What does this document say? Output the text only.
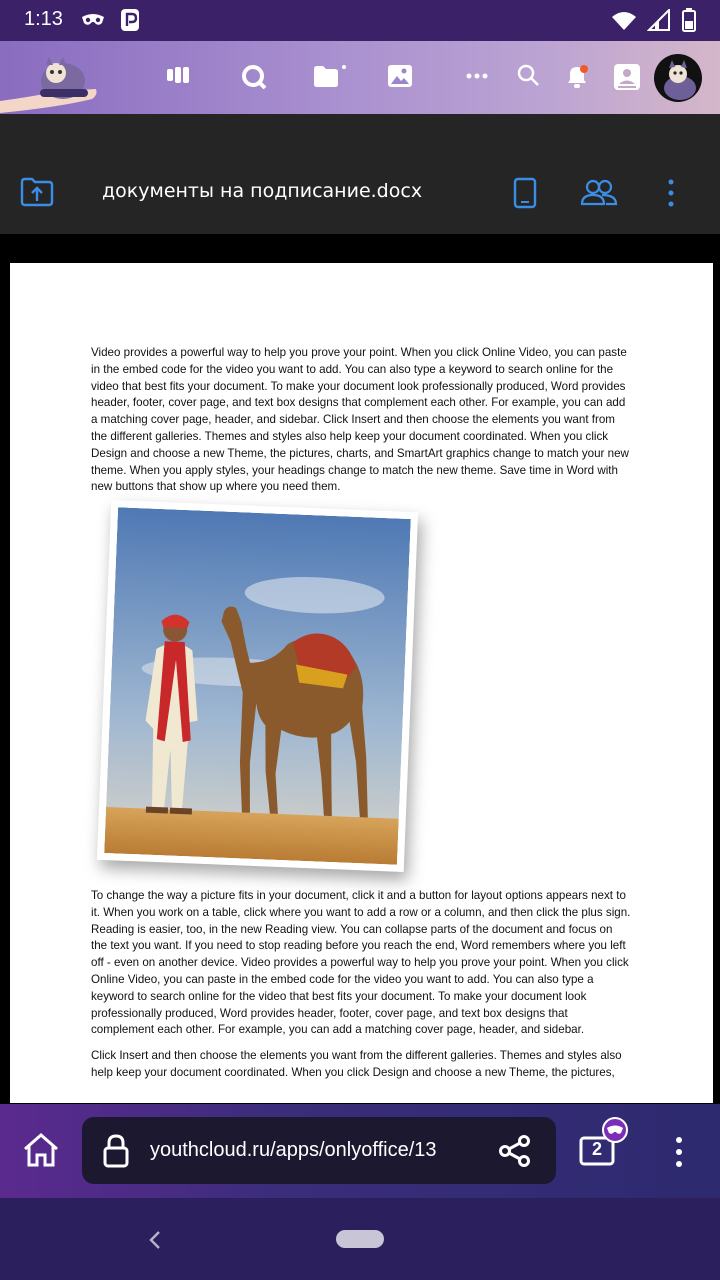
1:13
документы на подписание.docx

Video provides a powerful way to help you prove your point. When you click Online Video, you can paste in the embed code for the video you want to add. You can also type a keyword to search online for the video that best fits your document. To make your document look professionally produced, Word provides header, footer, cover page, and text box designs that complement each other. For example, you can add a matching cover page, header, and sidebar. Click Insert and then choose the elements you want from the different galleries. Themes and styles also help keep your document coordinated. When you click Design and choose a new Theme, the pictures, charts, and SmartArt graphics change to match your new theme. When you apply styles, your headings change to match the new theme. Save time in Word with new buttons that show up where you need them.

To change the way a picture fits in your document, click it and a button for layout options appears next to it. When you work on a table, click where you want to add a row or a column, and then click the plus sign. Reading is easier, too, in the new Reading view. You can collapse parts of the document and focus on the text you want. If you need to stop reading before you reach the end, Word remembers where you left off - even on another device. Video provides a powerful way to help you prove your point. When you click Online Video, you can paste in the embed code for the video you want to add. You can also type a keyword to search online for the video that best fits your document. To make your document look professionally produced, Word provides header, footer, cover page, and text box designs that complement each other. For example, you can add a matching cover page, header, and sidebar.

Click Insert and then choose the elements you want from the different galleries. Themes and styles also help keep your document coordinated. When you click Design and choose a new Theme, the pictures,

2
youthcloud.ru/apps/onlyoffice/13
